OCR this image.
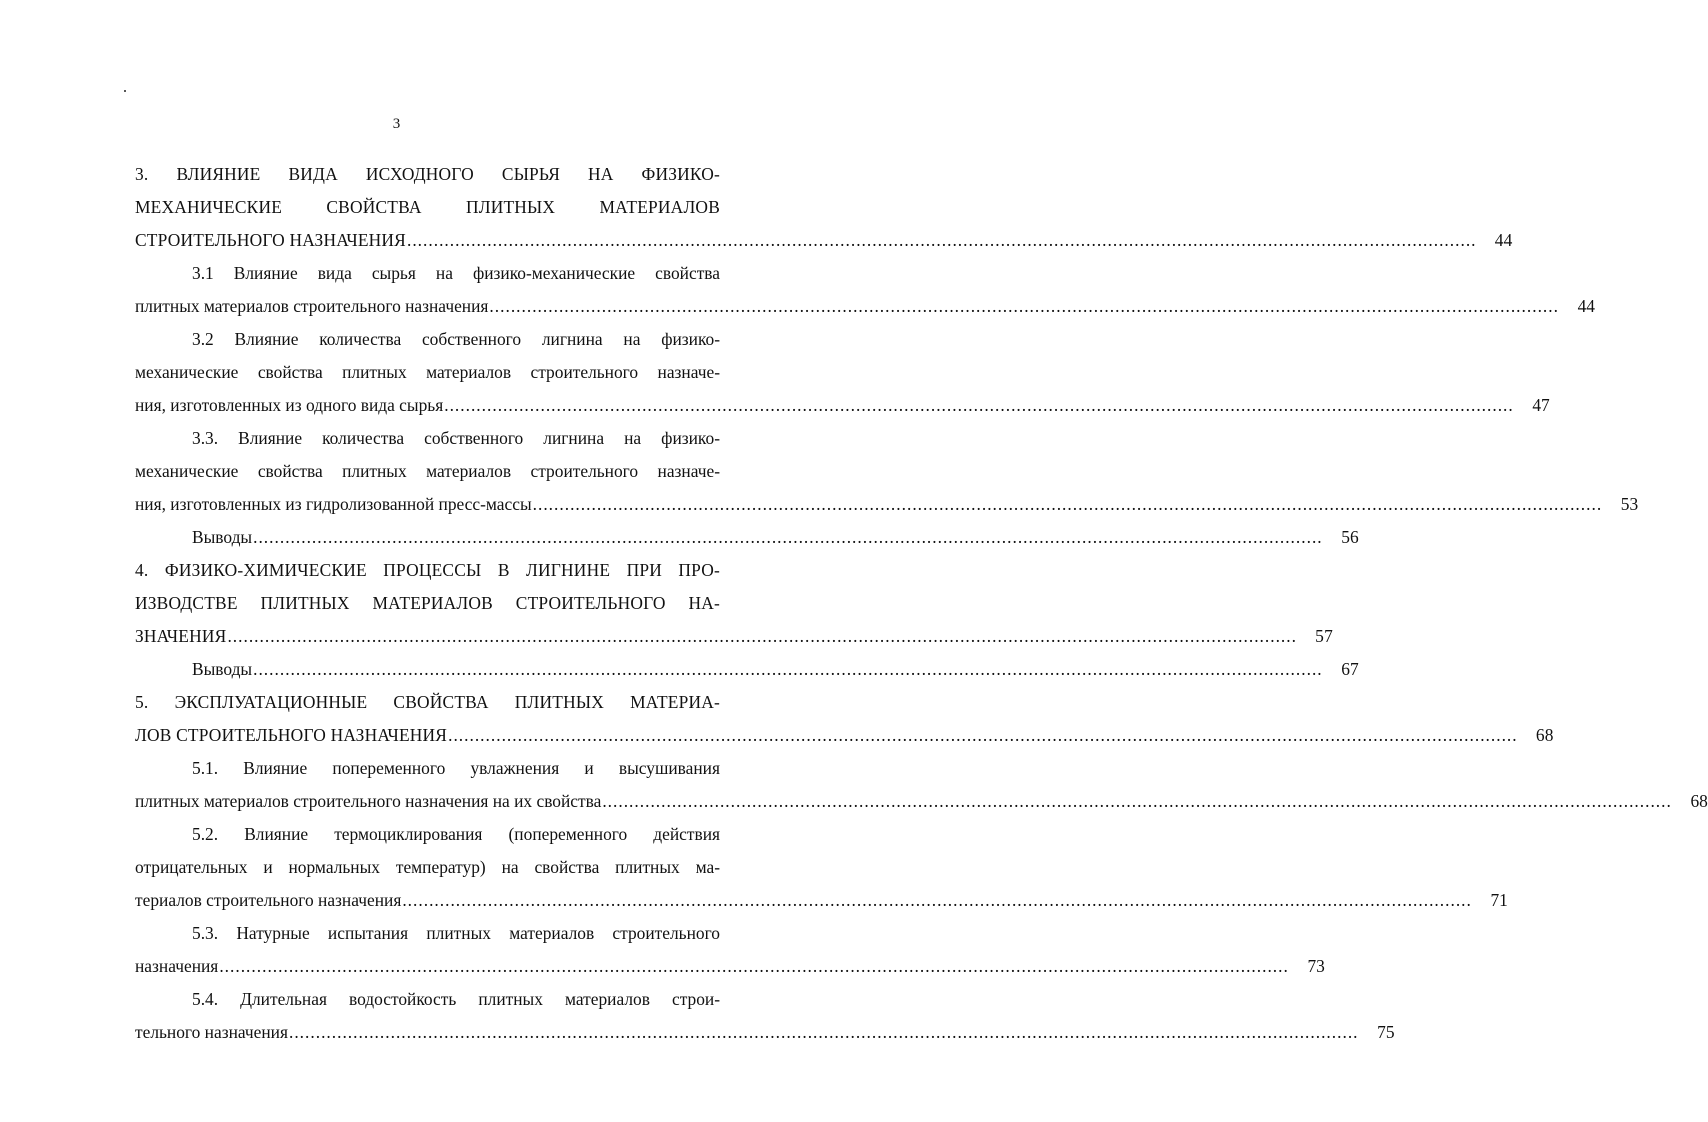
3
3. ВЛИЯНИЕ ВИДА ИСХОДНОГО СЫРЬЯ НА ФИЗИКО-
МЕХАНИЧЕСКИЕ СВОЙСТВА ПЛИТНЫХ МАТЕРИАЛОВ
СТРОИТЕЛЬНОГО НАЗНАЧЕНИЯ ........................................................................................................................................................................................................	44
3.1 Влияние вида сырья на физико-механические свойства
плитных материалов строительного назначения ........................................................................................................................................................................................................	44
3.2 Влияние количества собственного лигнина на физико-
механические свойства плитных материалов строительного назначе-
ния, изготовленных из одного вида сырья ........................................................................................................................................................................................................	47
3.3. Влияние количества собственного лигнина на физико-
механические свойства плитных материалов строительного назначе-
ния, изготовленных из гидролизованной пресс-массы ........................................................................................................................................................................................................	53
Выводы ........................................................................................................................................................................................................	56
4. ФИЗИКО-ХИМИЧЕСКИЕ ПРОЦЕССЫ В ЛИГНИНЕ ПРИ ПРО-
ИЗВОДСТВЕ ПЛИТНЫХ МАТЕРИАЛОВ СТРОИТЕЛЬНОГО НА-
ЗНАЧЕНИЯ ........................................................................................................................................................................................................	57
Выводы ........................................................................................................................................................................................................	67
5. ЭКСПЛУАТАЦИОННЫЕ СВОЙСТВА ПЛИТНЫХ МАТЕРИА-
ЛОВ СТРОИТЕЛЬНОГО НАЗНАЧЕНИЯ ........................................................................................................................................................................................................	68
5.1. Влияние попеременного увлажнения и высушивания
плитных материалов строительного назначения на их свойства ........................................................................................................................................................................................................	68
5.2. Влияние термоциклирования (попеременного действия
отрицательных и нормальных температур) на свойства плитных ма-
териалов строительного назначения ........................................................................................................................................................................................................	71
5.3. Натурные испытания плитных материалов строительного
назначения ........................................................................................................................................................................................................	73
5.4. Длительная водостойкость плитных материалов строи-
тельного назначения ........................................................................................................................................................................................................	75
